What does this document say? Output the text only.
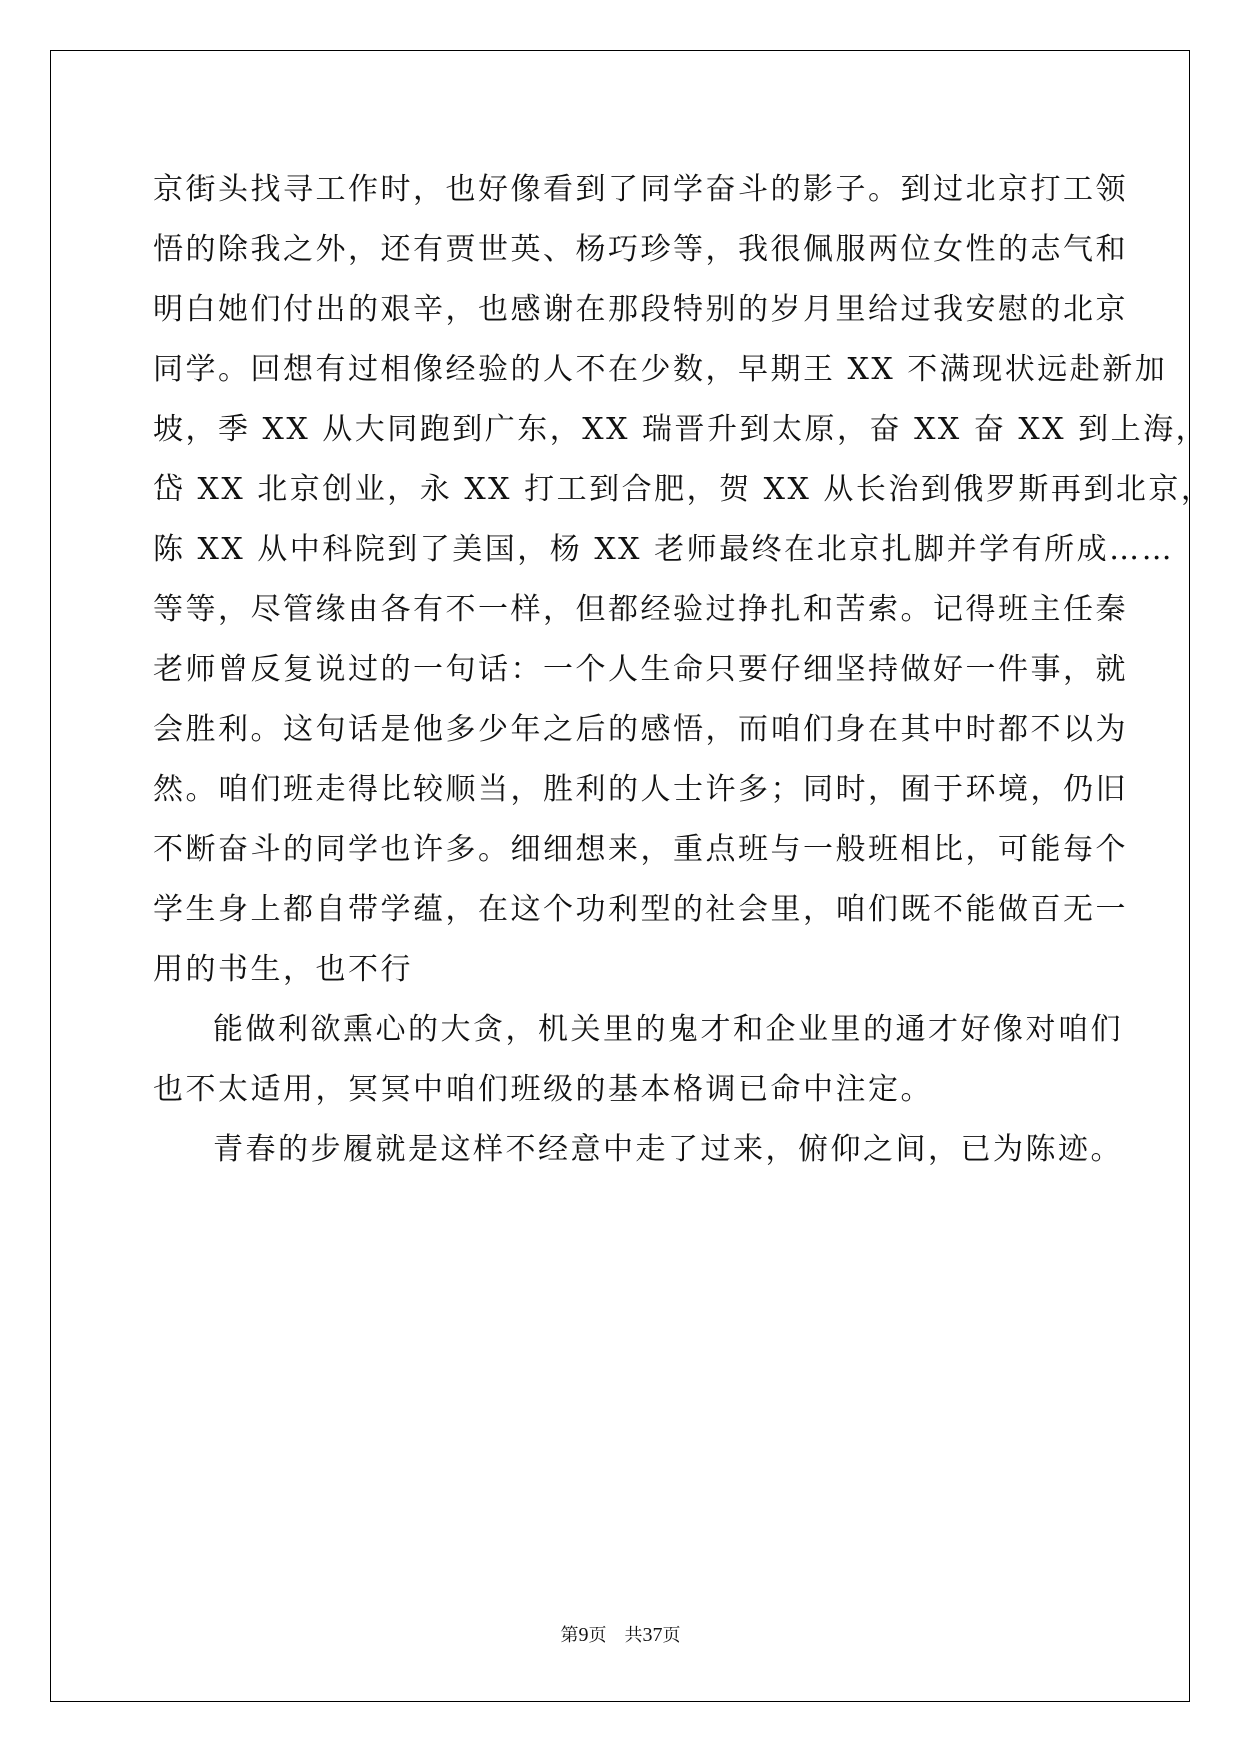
京街头找寻工作时，也好像看到了同学奋斗的影子。到过北京打工领
悟的除我之外，还有贾世英、杨巧珍等，我很佩服两位女性的志气和
明白她们付出的艰辛，也感谢在那段特别的岁月里给过我安慰的北京
同学。回想有过相像经验的人不在少数，早期王 XX 不满现状远赴新加
坡，季 XX 从大同跑到广东，XX 瑞晋升到太原，奋 XX 奋 XX 到上海，
岱 XX 北京创业，永 XX 打工到合肥，贺 XX 从长治到俄罗斯再到北京，
陈 XX 从中科院到了美国，杨 XX 老师最终在北京扎脚并学有所成……
等等，尽管缘由各有不一样，但都经验过挣扎和苦索。记得班主任秦
老师曾反复说过的一句话：一个人生命只要仔细坚持做好一件事，就
会胜利。这句话是他多少年之后的感悟，而咱们身在其中时都不以为
然。咱们班走得比较顺当，胜利的人士许多；同时，囿于环境，仍旧
不断奋斗的同学也许多。细细想来，重点班与一般班相比，可能每个
学生身上都自带学蕴，在这个功利型的社会里，咱们既不能做百无一
用的书生，也不行
能做利欲熏心的大贪，机关里的鬼才和企业里的通才好像对咱们
也不太适用，冥冥中咱们班级的基本格调已命中注定。
青春的步履就是这样不经意中走了过来，俯仰之间，已为陈迹。
第9页 共37页
